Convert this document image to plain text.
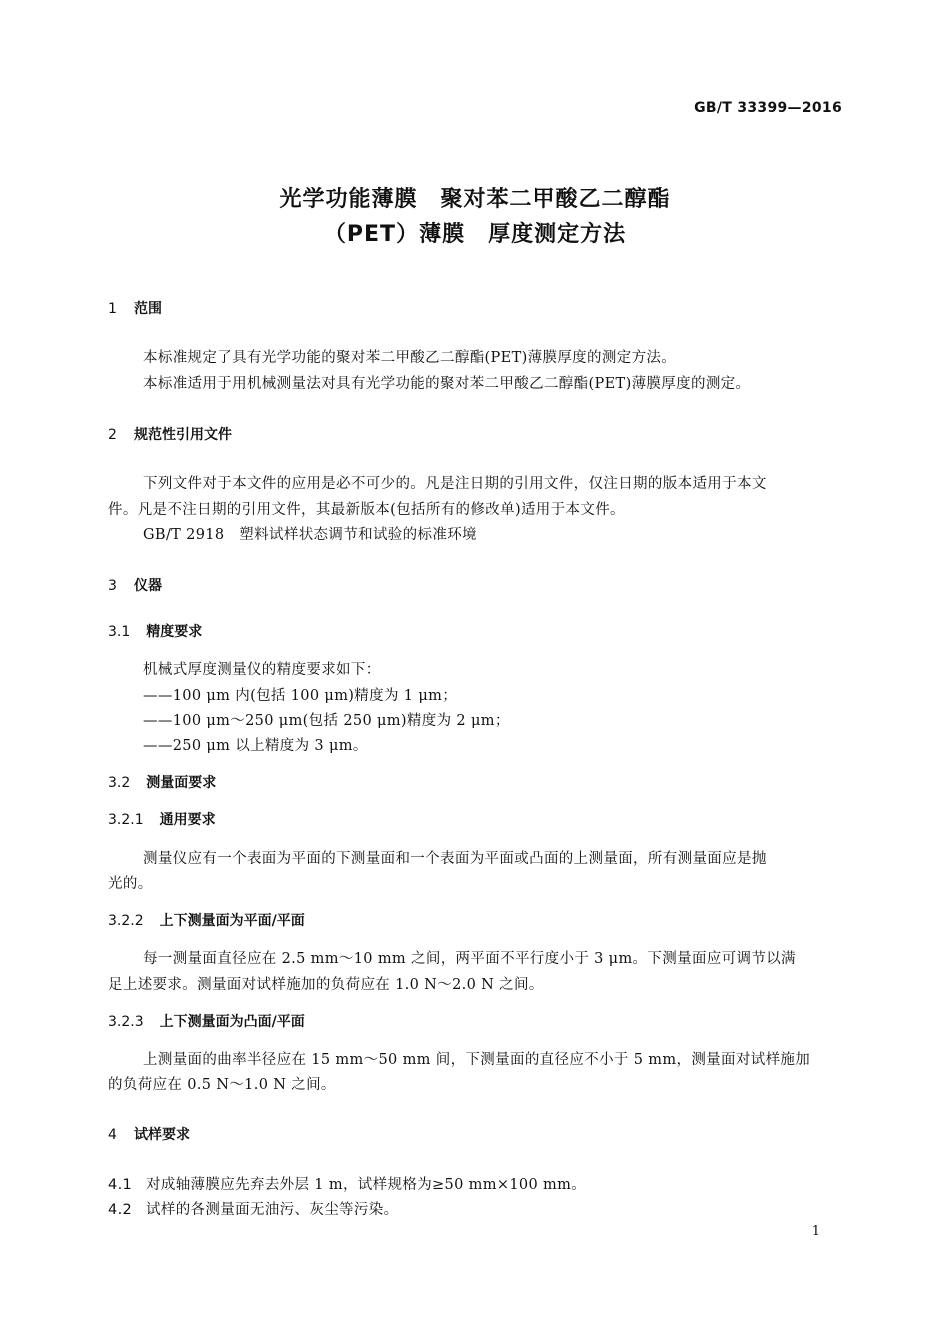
GB/T 33399—2016
光学功能薄膜　聚对苯二甲酸乙二醇酯
（PET）薄膜　厚度测定方法
1 范围
本标准规定了具有光学功能的聚对苯二甲酸乙二醇酯(PET)薄膜厚度的测定方法。
本标准适用于用机械测量法对具有光学功能的聚对苯二甲酸乙二醇酯(PET)薄膜厚度的测定。
2 规范性引用文件
下列文件对于本文件的应用是必不可少的。凡是注日期的引用文件，仅注日期的版本适用于本文
件。凡是不注日期的引用文件，其最新版本(包括所有的修改单)适用于本文件。
GB/T 2918　塑料试样状态调节和试验的标准环境
3 仪器
3.1 精度要求
机械式厚度测量仪的精度要求如下：
——100 μm 内(包括 100 μm)精度为 1 μm；
——100 μm～250 μm(包括 250 μm)精度为 2 μm；
——250 μm 以上精度为 3 μm。
3.2 测量面要求
3.2.1 通用要求
测量仪应有一个表面为平面的下测量面和一个表面为平面或凸面的上测量面，所有测量面应是抛
光的。
3.2.2 上下测量面为平面/平面
每一测量面直径应在 2.5 mm～10 mm 之间，两平面不平行度小于 3 μm。下测量面应可调节以满
足上述要求。测量面对试样施加的负荷应在 1.0 N～2.0 N 之间。
3.2.3 上下测量面为凸面/平面
上测量面的曲率半径应在 15 mm～50 mm 间，下测量面的直径应不小于 5 mm，测量面对试样施加
的负荷应在 0.5 N～1.0 N 之间。
4 试样要求
4.1 对成轴薄膜应先弃去外层 1 m，试样规格为≥50 mm×100 mm。
4.2 试样的各测量面无油污、灰尘等污染。
1
